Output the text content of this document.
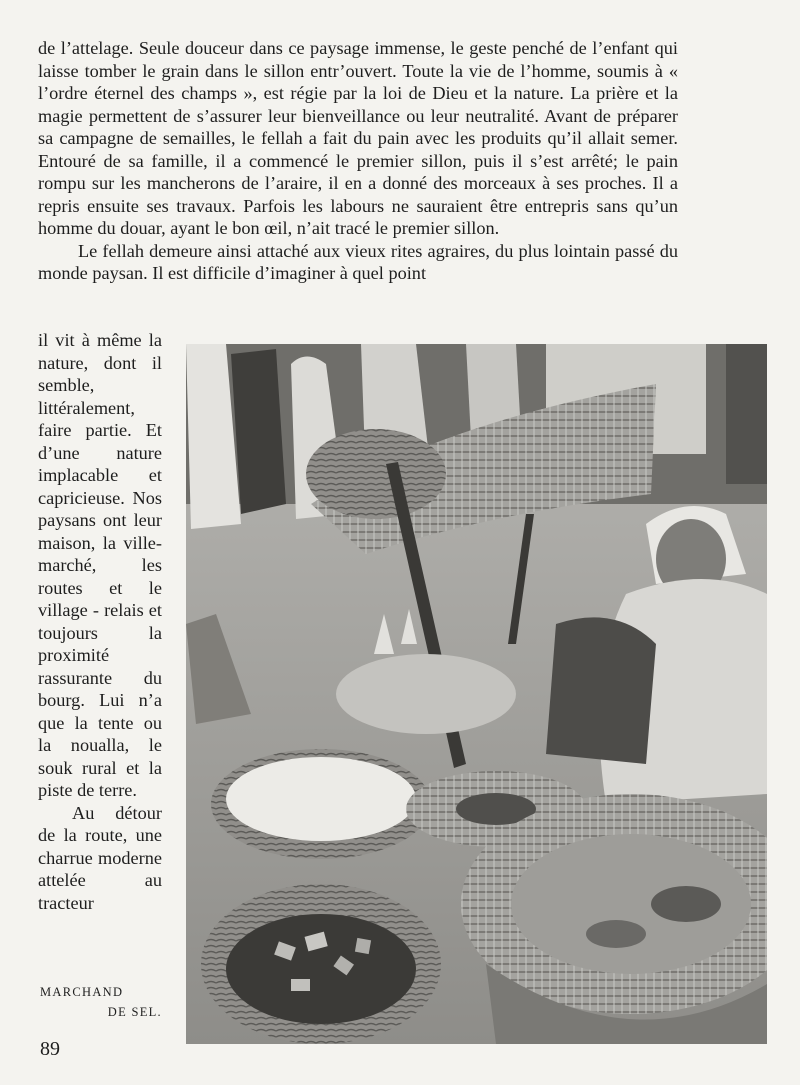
de l’attelage. Seule douceur dans ce paysage immense, le geste penché de l’enfant qui laisse tomber le grain dans le sillon entr’ouvert. Toute la vie de l’homme, soumis à « l’ordre éternel des champs », est régie par la loi de Dieu et la nature. La prière et la magie permettent de s’assurer leur bienveillance ou leur neutralité. Avant de préparer sa campagne de semailles, le fellah a fait du pain avec les produits qu’il allait semer. Entouré de sa famille, il a commencé le premier sillon, puis il s’est arrêté; le pain rompu sur les mancherons de l’araire, il en a donné des morceaux à ses proches. Il a repris ensuite ses travaux. Parfois les labours ne sauraient être entrepris sans qu’un homme du douar, ayant le bon œil, n’ait tracé le premier sillon.

Le fellah demeure ainsi attaché aux vieux rites agraires, du plus lointain passé du monde paysan. Il est difficile d’imaginer à quel point

il vit à même la nature, dont il semble, littéralement, faire partie. Et d’une nature implacable et capricieuse. Nos paysans ont leur maison, la ville-marché, les routes et le village - relais et toujours la proximité rassurante du bourg. Lui n’a que la tente ou la noualla, le souk rural et la piste de terre.

Au détour de la route, une charrue moderne attelée au tracteur

MARCHAND
DE SEL.
89
